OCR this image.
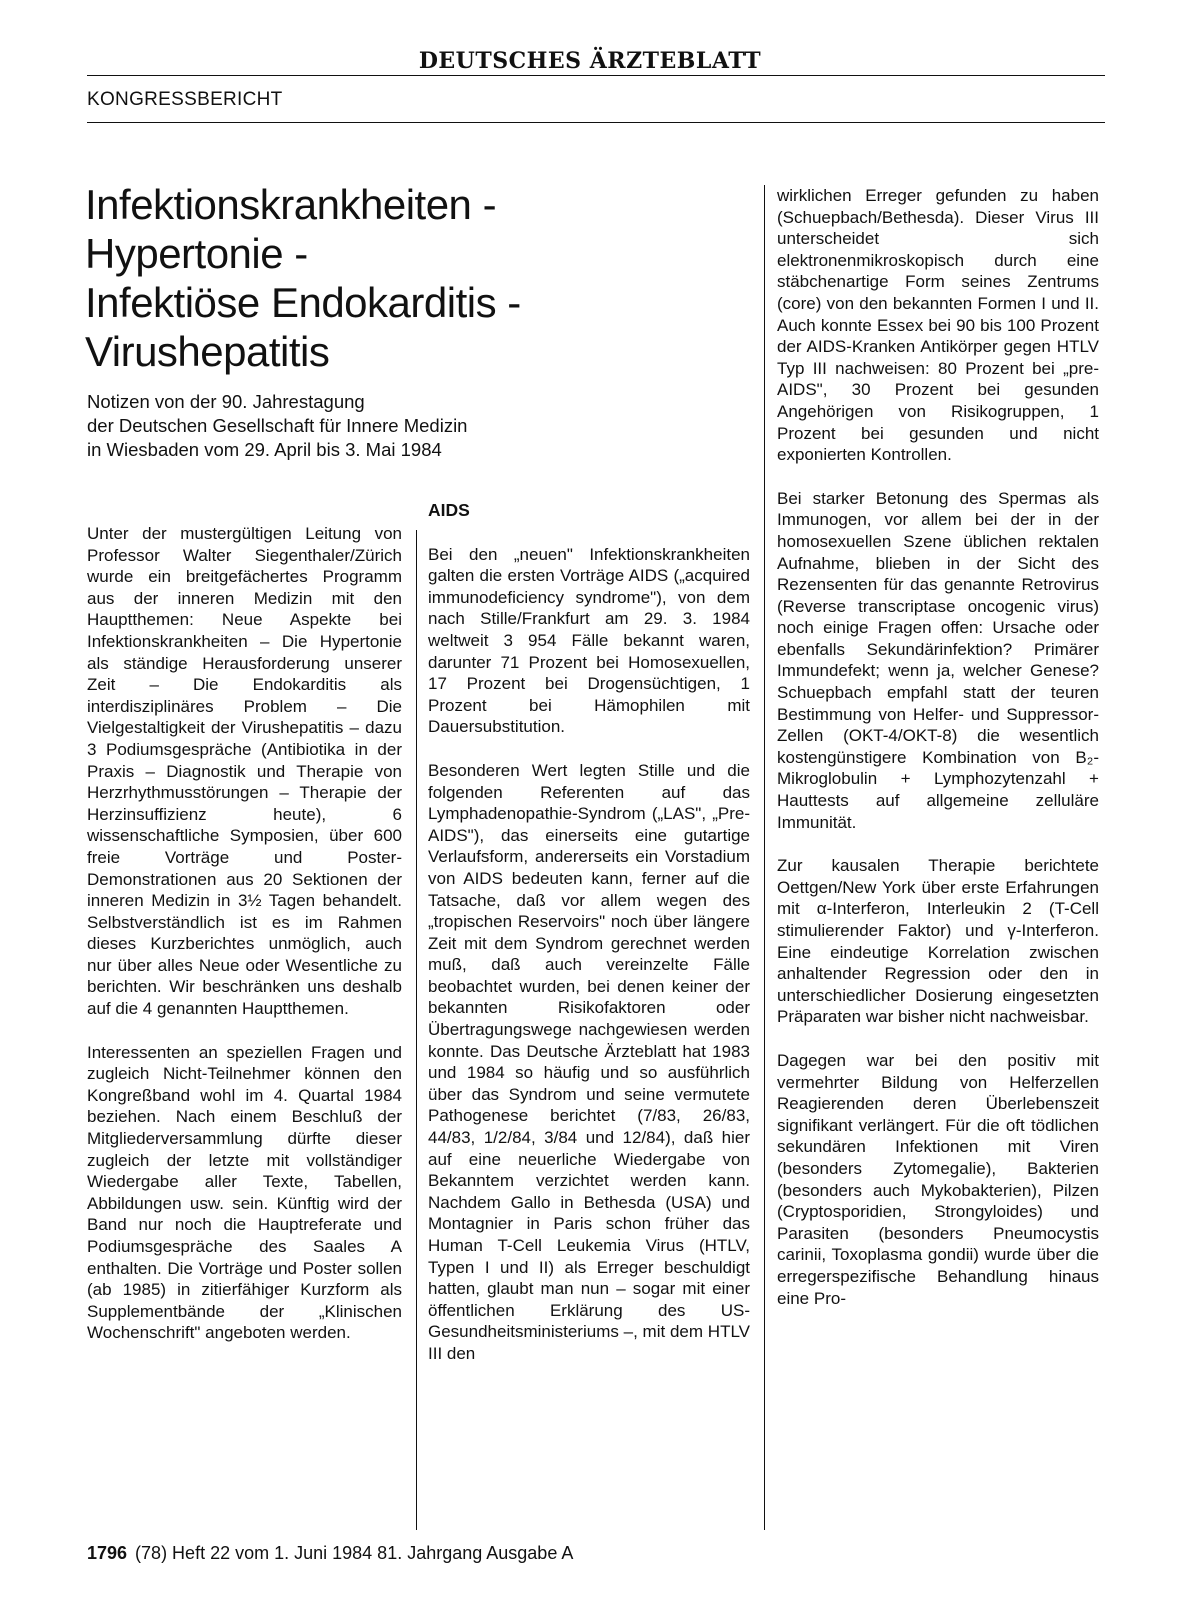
DEUTSCHES ÄRZTEBLATT
KONGRESSBERICHT
Infektionskrankheiten -
Hypertonie -
Infektiöse Endokarditis -
Virushepatitis
Notizen von der 90. Jahrestagung
der Deutschen Gesellschaft für Innere Medizin
in Wiesbaden vom 29. April bis 3. Mai 1984

Unter der mustergültigen Leitung von Professor Walter Siegenthaler/Zürich wurde ein breitgefächertes Programm aus der inneren Medizin mit den Hauptthemen: Neue Aspekte bei Infektionskrankheiten – Die Hypertonie als ständige Herausforderung unserer Zeit – Die Endokarditis als interdisziplinäres Problem – Die Vielgestaltigkeit der Virushepatitis – dazu 3 Podiumsgespräche (Antibiotika in der Praxis – Diagnostik und Therapie von Herzrhythmusstörungen – Therapie der Herzinsuffizienz heute), 6 wissenschaftliche Symposien, über 600 freie Vorträge und Poster-Demonstrationen aus 20 Sektionen der inneren Medizin in 3½ Tagen behandelt. Selbstverständlich ist es im Rahmen dieses Kurzberichtes unmöglich, auch nur über alles Neue oder Wesentliche zu berichten. Wir beschränken uns deshalb auf die 4 genannten Hauptthemen.

Interessenten an speziellen Fragen und zugleich Nicht-Teilnehmer können den Kongreßband wohl im 4. Quartal 1984 beziehen. Nach einem Beschluß der Mitgliederversammlung dürfte dieser zugleich der letzte mit vollständiger Wiedergabe aller Texte, Tabellen, Abbildungen usw. sein. Künftig wird der Band nur noch die Hauptreferate und Podiumsgespräche des Saales A enthalten. Die Vorträge und Poster sollen (ab 1985) in zitierfähiger Kurzform als Supplementbände der „Klinischen Wochenschrift" angeboten werden.

AIDS

Bei den „neuen" Infektionskrankheiten galten die ersten Vorträge AIDS („acquired immunodeficiency syndrome"), von dem nach Stille/Frankfurt am 29. 3. 1984 weltweit 3 954 Fälle bekannt waren, darunter 71 Prozent bei Homosexuellen, 17 Prozent bei Drogensüchtigen, 1 Prozent bei Hämophilen mit Dauersubstitution.

Besonderen Wert legten Stille und die folgenden Referenten auf das Lymphadenopathie-Syndrom („LAS", „Pre-AIDS"), das einerseits eine gutartige Verlaufsform, andererseits ein Vorstadium von AIDS bedeuten kann, ferner auf die Tatsache, daß vor allem wegen des „tropischen Reservoirs" noch über längere Zeit mit dem Syndrom gerechnet werden muß, daß auch vereinzelte Fälle beobachtet wurden, bei denen keiner der bekannten Risikofaktoren oder Übertragungswege nachgewiesen werden konnte. Das Deutsche Ärzteblatt hat 1983 und 1984 so häufig und so ausführlich über das Syndrom und seine vermutete Pathogenese berichtet (7/83, 26/83, 44/83, 1/2/84, 3/84 und 12/84), daß hier auf eine neuerliche Wiedergabe von Bekanntem verzichtet werden kann. Nachdem Gallo in Bethesda (USA) und Montagnier in Paris schon früher das Human T-Cell Leukemia Virus (HTLV, Typen I und II) als Erreger beschuldigt hatten, glaubt man nun – sogar mit einer öffentlichen Erklärung des US-Gesundheitsministeriums –, mit dem HTLV III den

wirklichen Erreger gefunden zu haben (Schuepbach/Bethesda). Dieser Virus III unterscheidet sich elektronenmikroskopisch durch eine stäbchenartige Form seines Zentrums (core) von den bekannten Formen I und II. Auch konnte Essex bei 90 bis 100 Prozent der AIDS-Kranken Antikörper gegen HTLV Typ III nachweisen: 80 Prozent bei „pre-AIDS", 30 Prozent bei gesunden Angehörigen von Risikogruppen, 1 Prozent bei gesunden und nicht exponierten Kontrollen.

Bei starker Betonung des Spermas als Immunogen, vor allem bei der in der homosexuellen Szene üblichen rektalen Aufnahme, blieben in der Sicht des Rezensenten für das genannte Retrovirus (Reverse transcriptase oncogenic virus) noch einige Fragen offen: Ursache oder ebenfalls Sekundärinfektion? Primärer Immundefekt; wenn ja, welcher Genese? Schuepbach empfahl statt der teuren Bestimmung von Helfer- und Suppressor-Zellen (OKT-4/OKT-8) die wesentlich kostengünstigere Kombination von B₂-Mikroglobulin + Lymphozytenzahl + Hauttests auf allgemeine zelluläre Immunität.

Zur kausalen Therapie berichtete Oettgen/New York über erste Erfahrungen mit α-Interferon, Interleukin 2 (T-Cell stimulierender Faktor) und γ-Interferon. Eine eindeutige Korrelation zwischen anhaltender Regression oder den in unterschiedlicher Dosierung eingesetzten Präparaten war bisher nicht nachweisbar.

Dagegen war bei den positiv mit vermehrter Bildung von Helferzellen Reagierenden deren Überlebenszeit signifikant verlängert. Für die oft tödlichen sekundären Infektionen mit Viren (besonders Zytomegalie), Bakterien (besonders auch Mykobakterien), Pilzen (Cryptosporidien, Strongyloides) und Parasiten (besonders Pneumocystis carinii, Toxoplasma gondii) wurde über die erregerspezifische Behandlung hinaus eine Pro-

1796 (78) Heft 22 vom 1. Juni 1984 81. Jahrgang Ausgabe A
